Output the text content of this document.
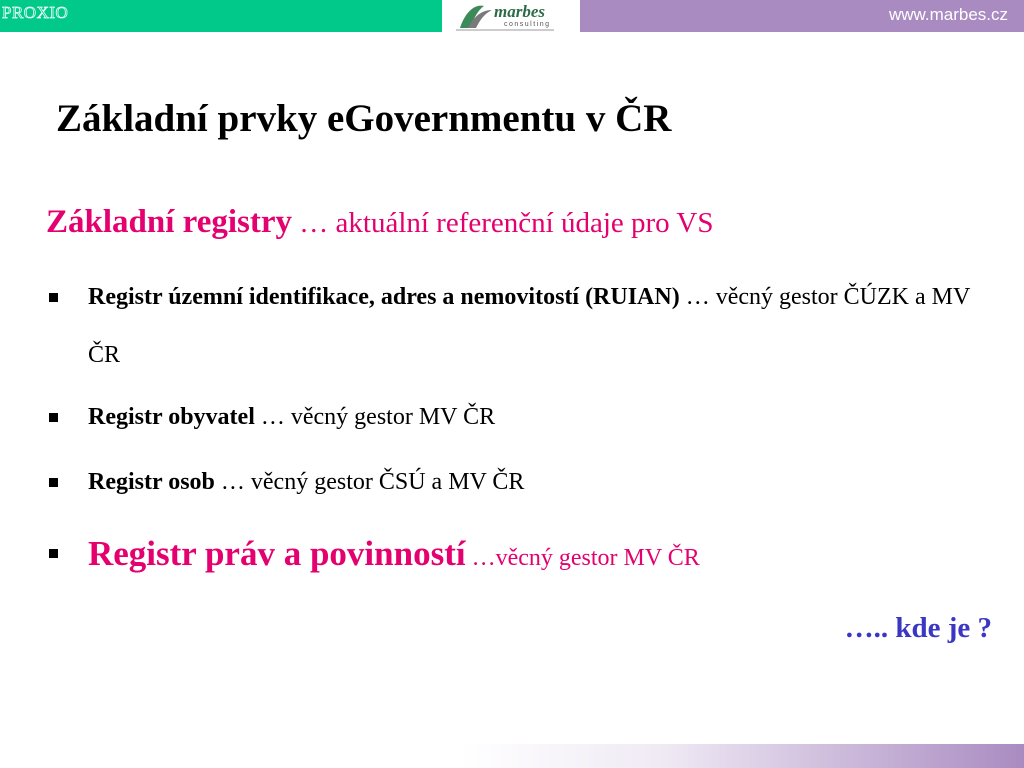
PROXIO	marbes
consulting
www.marbes.cz
Základní prvky eGovernmentu v ČR
Základní registry … aktuální referenční údaje pro VS
Registr územní identifikace, adres a nemovitostí (RUIAN) … věcný gestor ČÚZK a MV ČR
Registr obyvatel … věcný gestor MV ČR
Registr osob … věcný gestor ČSÚ a MV ČR
Registr práv a povinností …věcný gestor MV ČR
….. kde je ?
